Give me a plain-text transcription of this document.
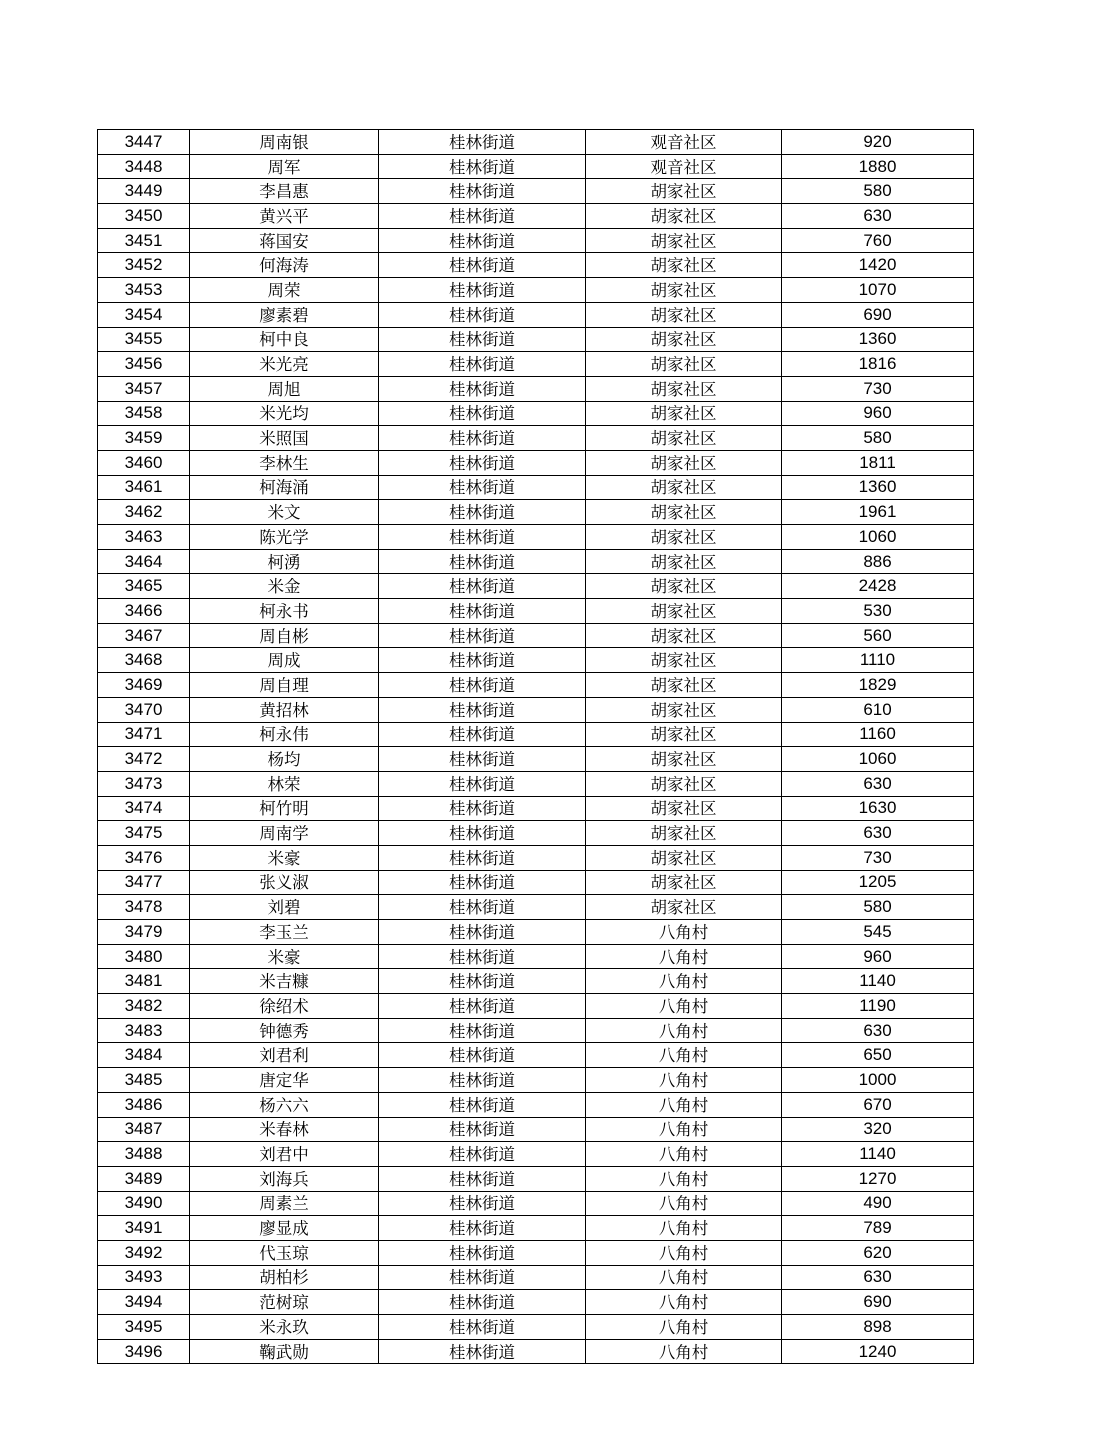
3447	周南银	桂林街道	观音社区	920
3448	周军	桂林街道	观音社区	1880
3449	李昌惠	桂林街道	胡家社区	580
3450	黄兴平	桂林街道	胡家社区	630
3451	蒋国安	桂林街道	胡家社区	760
3452	何海涛	桂林街道	胡家社区	1420
3453	周荣	桂林街道	胡家社区	1070
3454	廖素碧	桂林街道	胡家社区	690
3455	柯中良	桂林街道	胡家社区	1360
3456	米光亮	桂林街道	胡家社区	1816
3457	周旭	桂林街道	胡家社区	730
3458	米光均	桂林街道	胡家社区	960
3459	米照国	桂林街道	胡家社区	580
3460	李林生	桂林街道	胡家社区	1811
3461	柯海涌	桂林街道	胡家社区	1360
3462	米文	桂林街道	胡家社区	1961
3463	陈光学	桂林街道	胡家社区	1060
3464	柯湧	桂林街道	胡家社区	886
3465	米金	桂林街道	胡家社区	2428
3466	柯永书	桂林街道	胡家社区	530
3467	周自彬	桂林街道	胡家社区	560
3468	周成	桂林街道	胡家社区	1110
3469	周自理	桂林街道	胡家社区	1829
3470	黄招林	桂林街道	胡家社区	610
3471	柯永伟	桂林街道	胡家社区	1160
3472	杨均	桂林街道	胡家社区	1060
3473	林荣	桂林街道	胡家社区	630
3474	柯竹明	桂林街道	胡家社区	1630
3475	周南学	桂林街道	胡家社区	630
3476	米豪	桂林街道	胡家社区	730
3477	张义淑	桂林街道	胡家社区	1205
3478	刘碧	桂林街道	胡家社区	580
3479	李玉兰	桂林街道	八角村	545
3480	米豪	桂林街道	八角村	960
3481	米吉糠	桂林街道	八角村	1140
3482	徐绍术	桂林街道	八角村	1190
3483	钟德秀	桂林街道	八角村	630
3484	刘君利	桂林街道	八角村	650
3485	唐定华	桂林街道	八角村	1000
3486	杨六六	桂林街道	八角村	670
3487	米春林	桂林街道	八角村	320
3488	刘君中	桂林街道	八角村	1140
3489	刘海兵	桂林街道	八角村	1270
3490	周素兰	桂林街道	八角村	490
3491	廖显成	桂林街道	八角村	789
3492	代玉琼	桂林街道	八角村	620
3493	胡柏杉	桂林街道	八角村	630
3494	范树琼	桂林街道	八角村	690
3495	米永玖	桂林街道	八角村	898
3496	鞠武勋	桂林街道	八角村	1240
